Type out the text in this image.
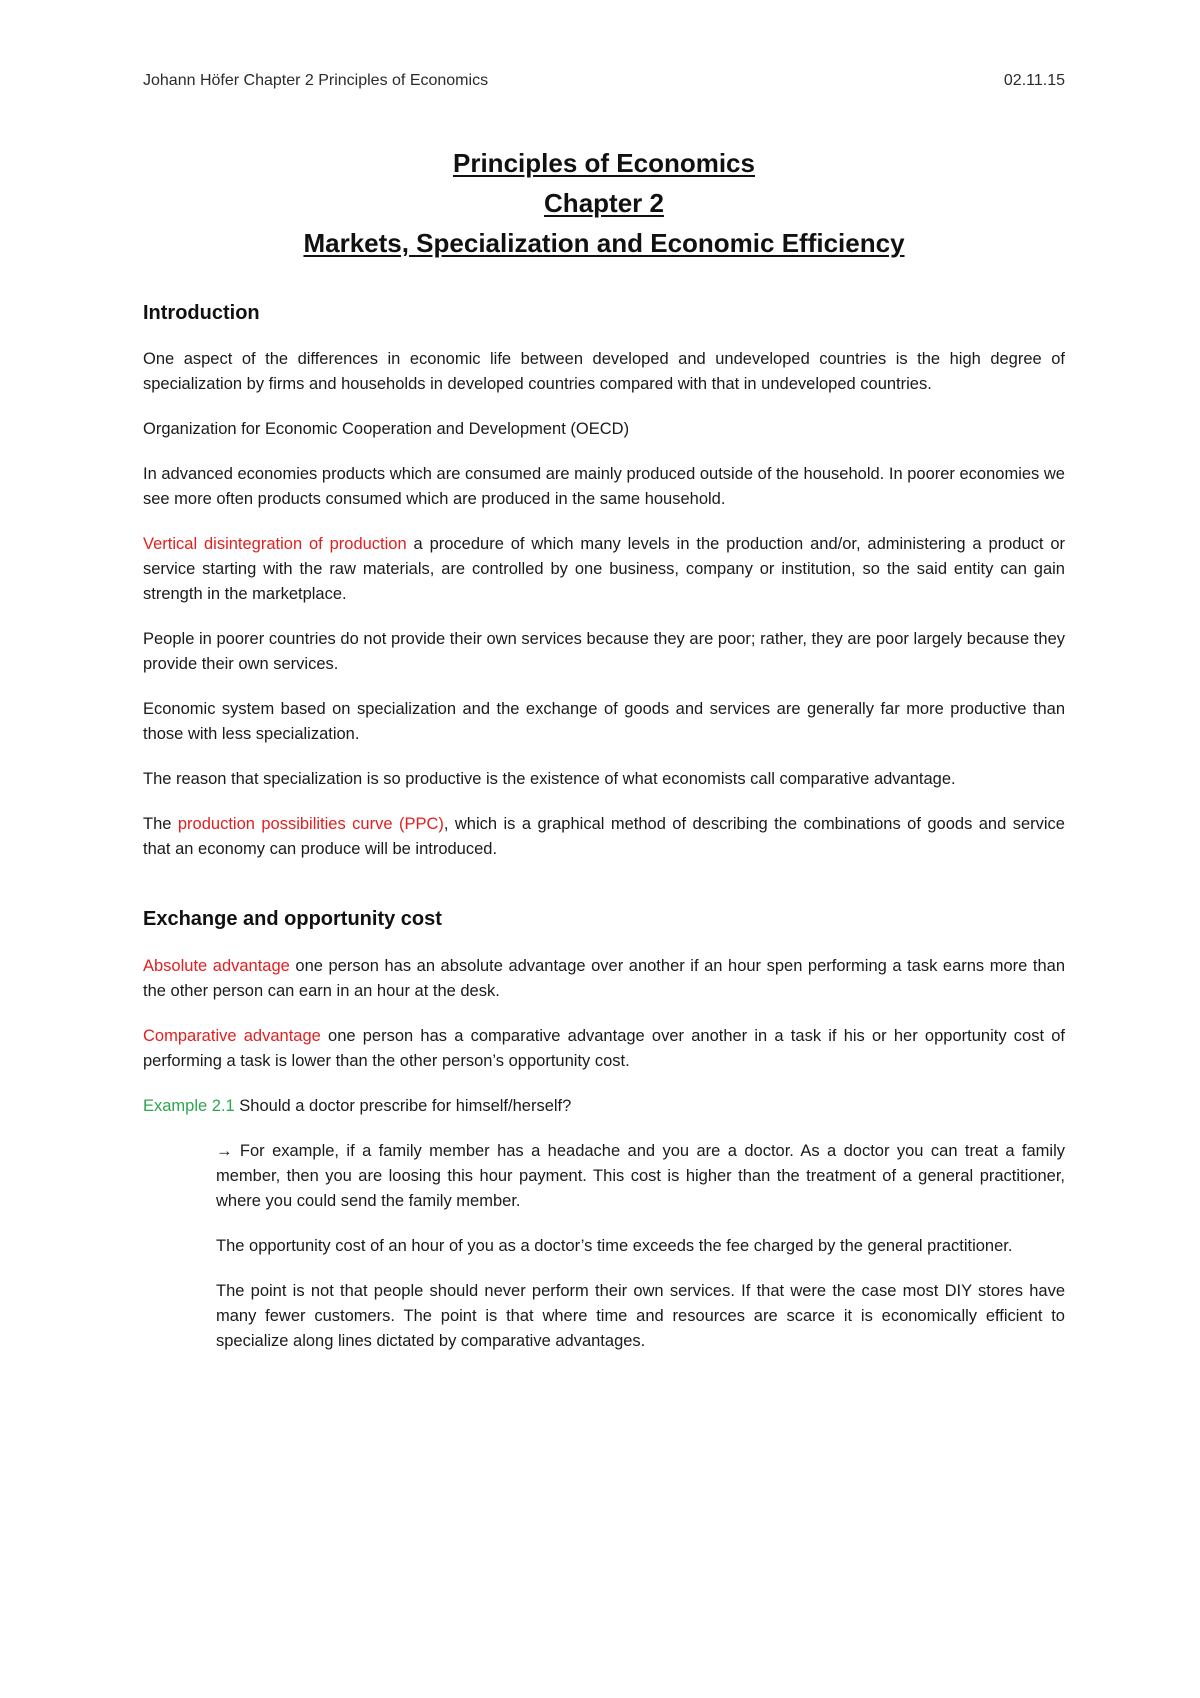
Johann Höfer Chapter 2 Principles of Economics	02.11.15
Principles of Economics
Chapter 2
Markets, Specialization and Economic Efficiency
Introduction

One aspect of the differences in economic life between developed and undeveloped countries is the high degree of specialization by firms and households in developed countries compared with that in undeveloped countries.

Organization for Economic Cooperation and Development (OECD)

In advanced economies products which are consumed are mainly produced outside of the household. In poorer economies we see more often products consumed which are produced in the same household.

Vertical disintegration of production a procedure of which many levels in the production and/or, administering a product or service starting with the raw materials, are controlled by one business, company or institution, so the said entity can gain strength in the marketplace.

People in poorer countries do not provide their own services because they are poor; rather, they are poor largely because they provide their own services.

Economic system based on specialization and the exchange of goods and services are generally far more productive than those with less specialization.

The reason that specialization is so productive is the existence of what economists call comparative advantage.

The production possibilities curve (PPC), which is a graphical method of describing the combinations of goods and service that an economy can produce will be introduced.

Exchange and opportunity cost

Absolute advantage one person has an absolute advantage over another if an hour spen performing a task earns more than the other person can earn in an hour at the desk.

Comparative advantage one person has a comparative advantage over another in a task if his or her opportunity cost of performing a task is lower than the other person’s opportunity cost.

Example 2.1 Should a doctor prescribe for himself/herself?

→ For example, if a family member has a headache and you are a doctor. As a doctor you can treat a family member, then you are loosing this hour payment. This cost is higher than the treatment of a general practitioner, where you could send the family member.

The opportunity cost of an hour of you as a doctor’s time exceeds the fee charged by the general practitioner.

The point is not that people should never perform their own services. If that were the case most DIY stores have many fewer customers. The point is that where time and resources are scarce it is economically efficient to specialize along lines dictated by comparative advantages.
